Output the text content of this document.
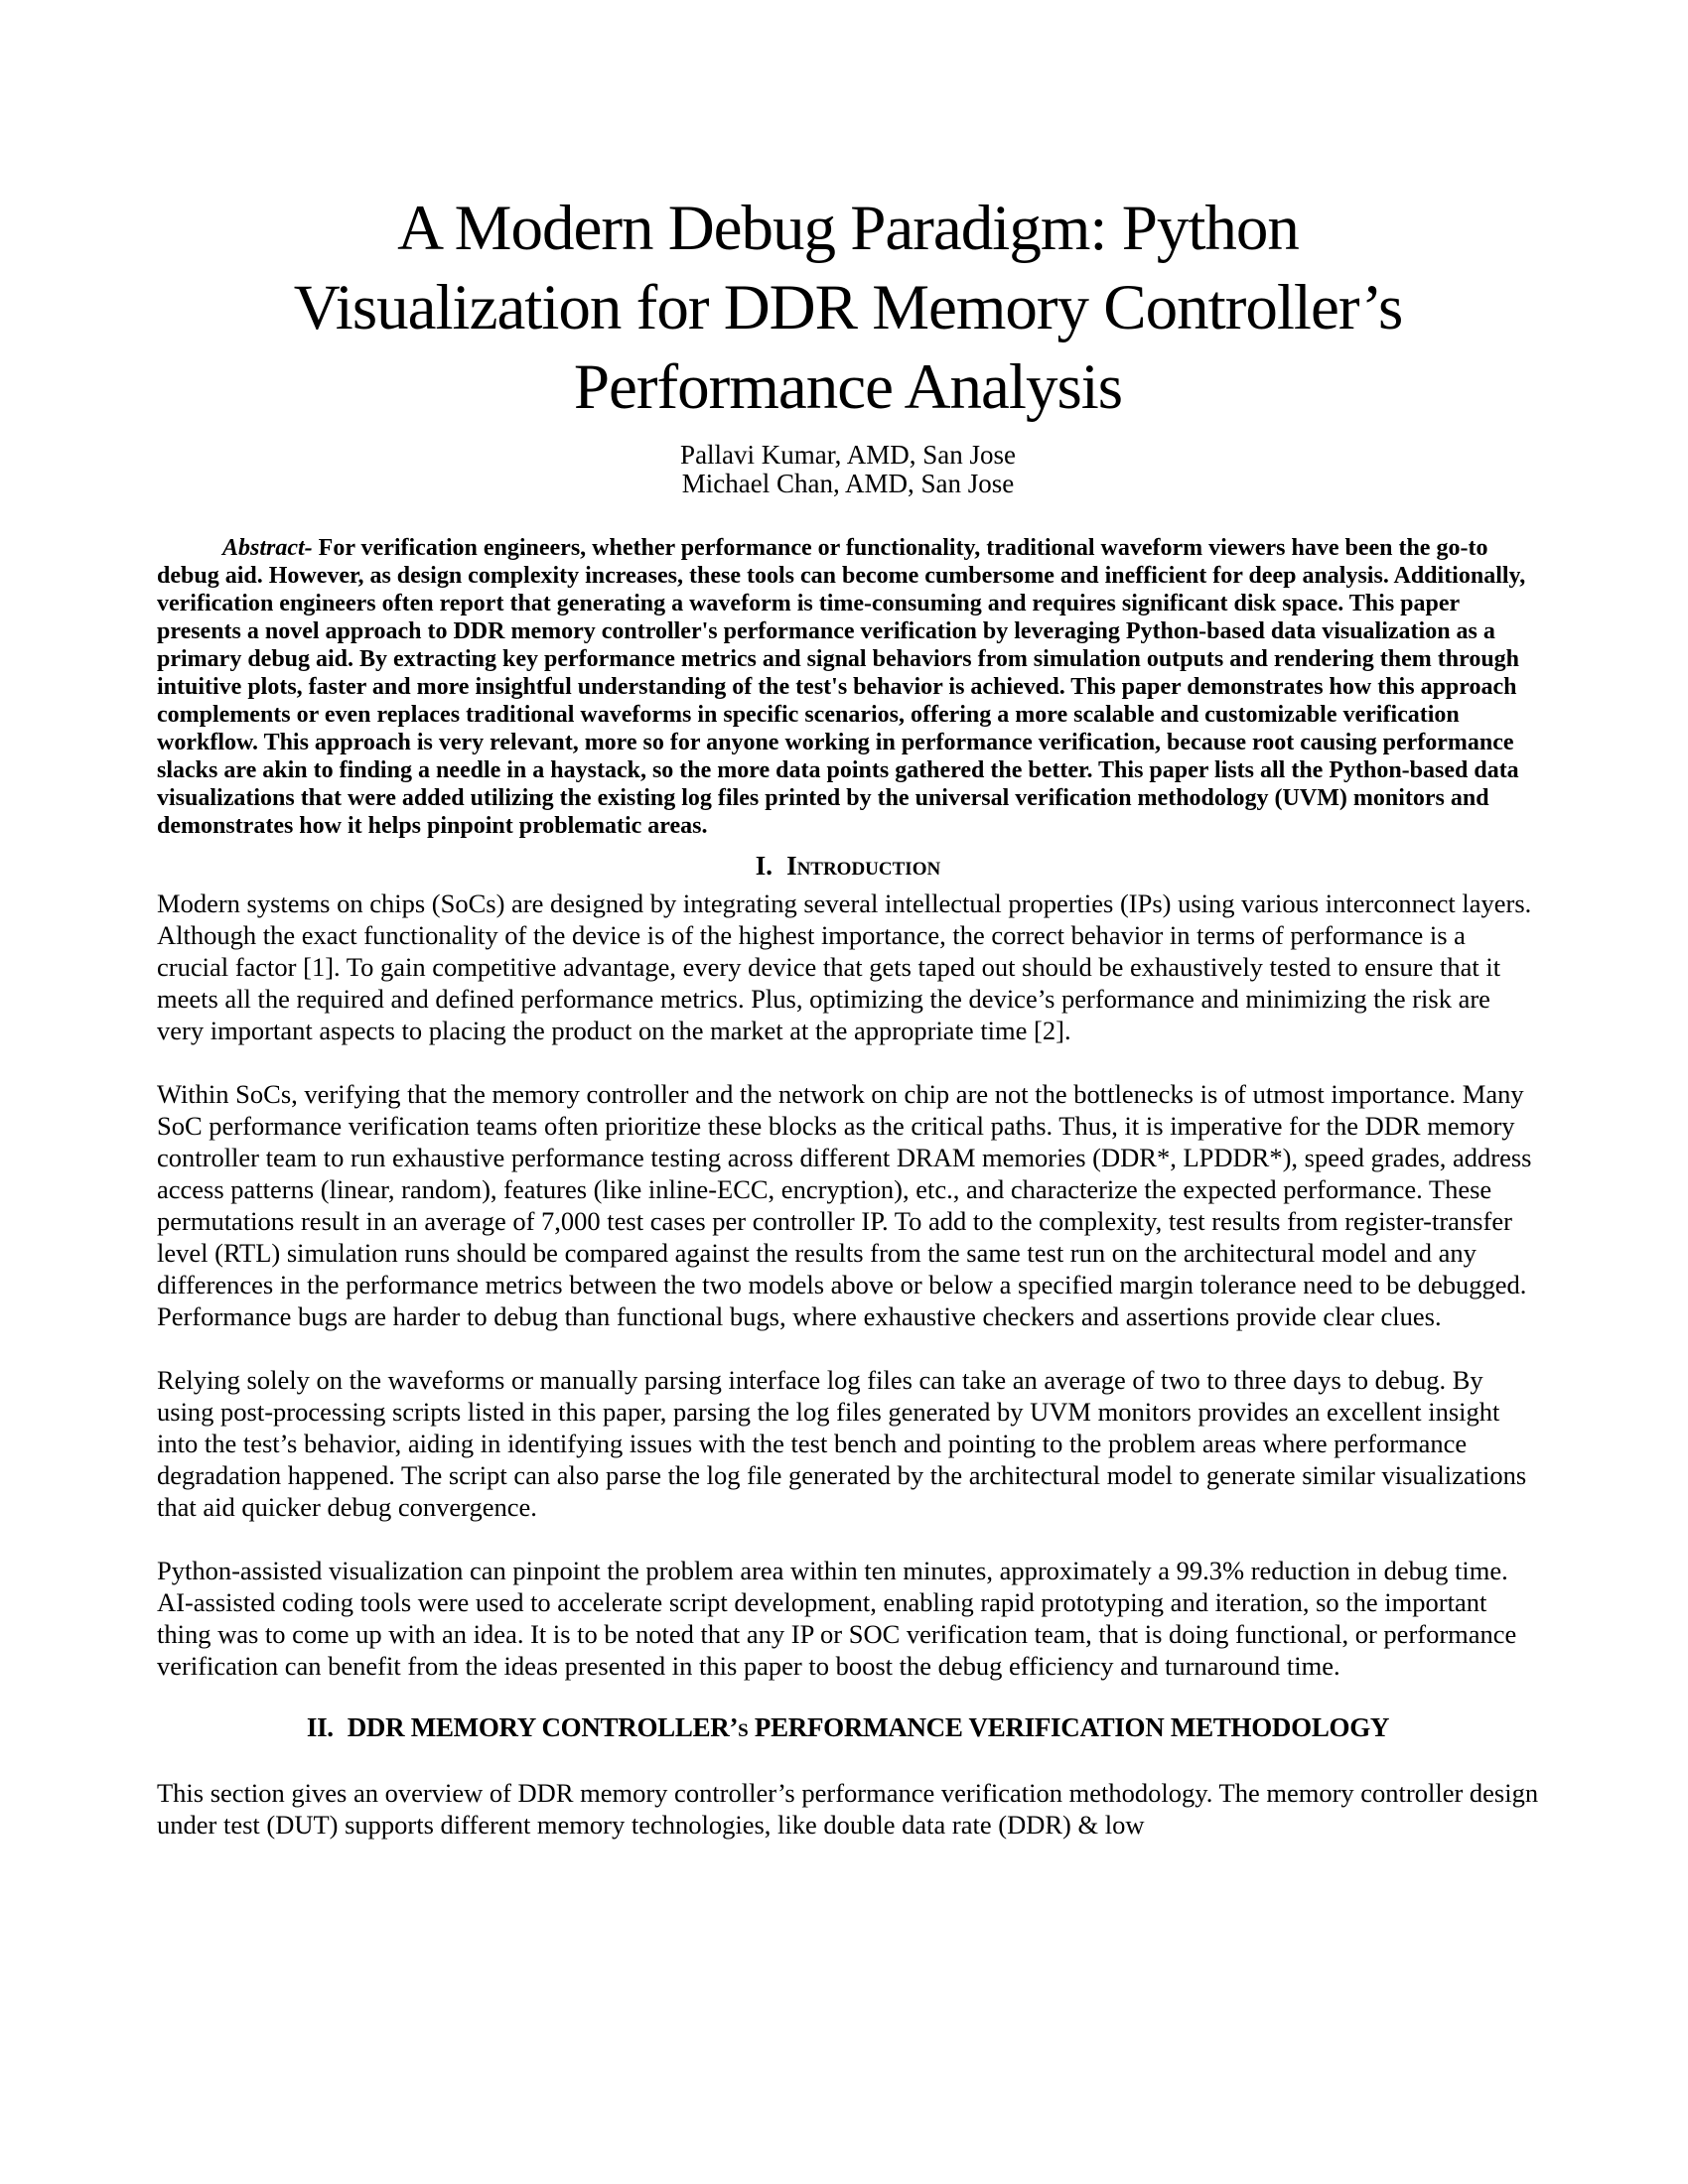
A Modern Debug Paradigm: Python
Visualization for DDR Memory Controller’s
Performance Analysis
Pallavi Kumar, AMD, San Jose
Michael Chan, AMD, San Jose

Abstract- For verification engineers, whether performance or functionality, traditional waveform viewers have been the go-to debug aid. However, as design complexity increases, these tools can become cumbersome and inefficient for deep analysis. Additionally, verification engineers often report that generating a waveform is time-consuming and requires significant disk space. This paper presents a novel approach to DDR memory controller's performance verification by leveraging Python-based data visualization as a primary debug aid. By extracting key performance metrics and signal behaviors from simulation outputs and rendering them through intuitive plots, faster and more insightful understanding of the test's behavior is achieved. This paper demonstrates how this approach complements or even replaces traditional waveforms in specific scenarios, offering a more scalable and customizable verification workflow. This approach is very relevant, more so for anyone working in performance verification, because root causing performance slacks are akin to finding a needle in a haystack, so the more data points gathered the better. This paper lists all the Python-based data visualizations that were added utilizing the existing log files printed by the universal verification methodology (UVM) monitors and demonstrates how it helps pinpoint problematic areas.

I. Introduction

Modern systems on chips (SoCs) are designed by integrating several intellectual properties (IPs) using various interconnect layers. Although the exact functionality of the device is of the highest importance, the correct behavior in terms of performance is a crucial factor [1]. To gain competitive advantage, every device that gets taped out should be exhaustively tested to ensure that it meets all the required and defined performance metrics. Plus, optimizing the device’s performance and minimizing the risk are very important aspects to placing the product on the market at the appropriate time [2].

Within SoCs, verifying that the memory controller and the network on chip are not the bottlenecks is of utmost importance. Many SoC performance verification teams often prioritize these blocks as the critical paths. Thus, it is imperative for the DDR memory controller team to run exhaustive performance testing across different DRAM memories (DDR*, LPDDR*), speed grades, address access patterns (linear, random), features (like inline-ECC, encryption), etc., and characterize the expected performance. These permutations result in an average of 7,000 test cases per controller IP. To add to the complexity, test results from register-transfer level (RTL) simulation runs should be compared against the results from the same test run on the architectural model and any differences in the performance metrics between the two models above or below a specified margin tolerance need to be debugged. Performance bugs are harder to debug than functional bugs, where exhaustive checkers and assertions provide clear clues.

Relying solely on the waveforms or manually parsing interface log files can take an average of two to three days to debug. By using post-processing scripts listed in this paper, parsing the log files generated by UVM monitors provides an excellent insight into the test’s behavior, aiding in identifying issues with the test bench and pointing to the problem areas where performance degradation happened. The script can also parse the log file generated by the architectural model to generate similar visualizations that aid quicker debug convergence.

Python-assisted visualization can pinpoint the problem area within ten minutes, approximately a 99.3% reduction in debug time. AI-assisted coding tools were used to accelerate script development, enabling rapid prototyping and iteration, so the important thing was to come up with an idea. It is to be noted that any IP or SOC verification team, that is doing functional, or performance verification can benefit from the ideas presented in this paper to boost the debug efficiency and turnaround time.

II. DDR MEMORY CONTROLLER’s PERFORMANCE VERIFICATION METHODOLOGY

This section gives an overview of DDR memory controller’s performance verification methodology. The memory controller design under test (DUT) supports different memory technologies, like double data rate (DDR) & low
